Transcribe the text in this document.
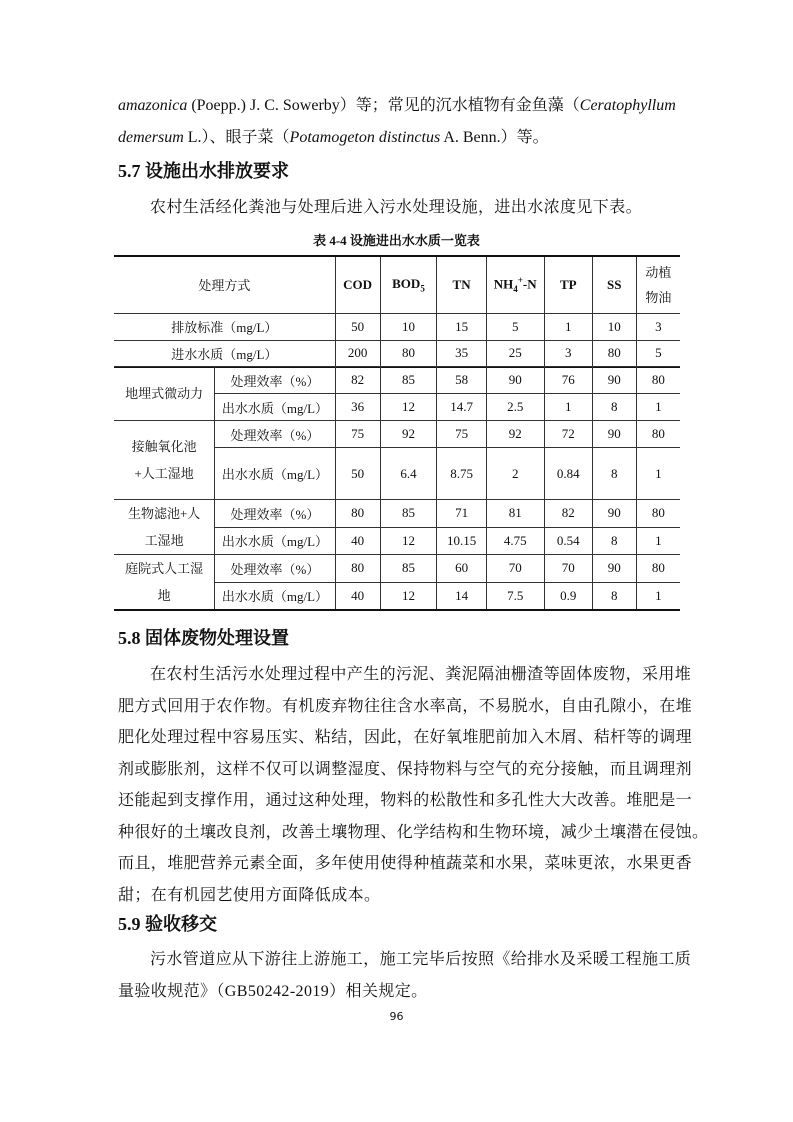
amazonica (Poepp.) J. C. Sowerby）等；常见的沉水植物有金鱼藻（Ceratophyllum
demersum L.）、眼子菜（Potamogeton distinctus A. Benn.）等。
5.7 设施出水排放要求
农村生活经化粪池与处理后进入污水处理设施，进出水浓度见下表。
表 4-4 设施进出水水质一览表
处理方式	COD	$BOD_5$	TN	$NH_4^+-N$	TP	SS	动植
物油
排放标准（mg/L）	50	10	15	5	1	10	3
进水水质（mg/L）	200	80	35	25	3	80	5
地埋式微动力	处理效率（%）	82	85	58	90	76	90	80
	出水水质（mg/L）	36	12	14.7	2.5	1	8	1
接触氧化池+人工湿地	处理效率（%）	75	92	75	92	72	90	80
	出水水质（mg/L）	50	6.4	8.75	2	0.84	8	1
生物滤池+人工湿地	处理效率（%）	80	85	71	81	82	90	80
	出水水质（mg/L）	40	12	10.15	4.75	0.54	8	1
庭院式人工湿地	处理效率（%）	80	85	60	70	70	90	80
	出水水质（mg/L）	40	12	14	7.5	0.9	8	1
5.8 固体废物处理设置
在农村生活污水处理过程中产生的污泥、粪泥隔油栅渣等固体废物，采用堆
肥方式回用于农作物。有机废弃物往往含水率高，不易脱水，自由孔隙小，在堆
肥化处理过程中容易压实、粘结，因此，在好氧堆肥前加入木屑、秸杆等的调理
剂或膨胀剂，这样不仅可以调整湿度、保持物料与空气的充分接触，而且调理剂
还能起到支撑作用，通过这种处理，物料的松散性和多孔性大大改善。堆肥是一
种很好的土壤改良剂，改善土壤物理、化学结构和生物环境，减少土壤潜在侵蚀。
而且，堆肥营养元素全面，多年使用使得种植蔬菜和水果，菜味更浓，水果更香
甜；在有机园艺使用方面降低成本。
5.9 验收移交
污水管道应从下游往上游施工，施工完毕后按照《给排水及采暖工程施工质
量验收规范》（GB50242-2019）相关规定。
96
